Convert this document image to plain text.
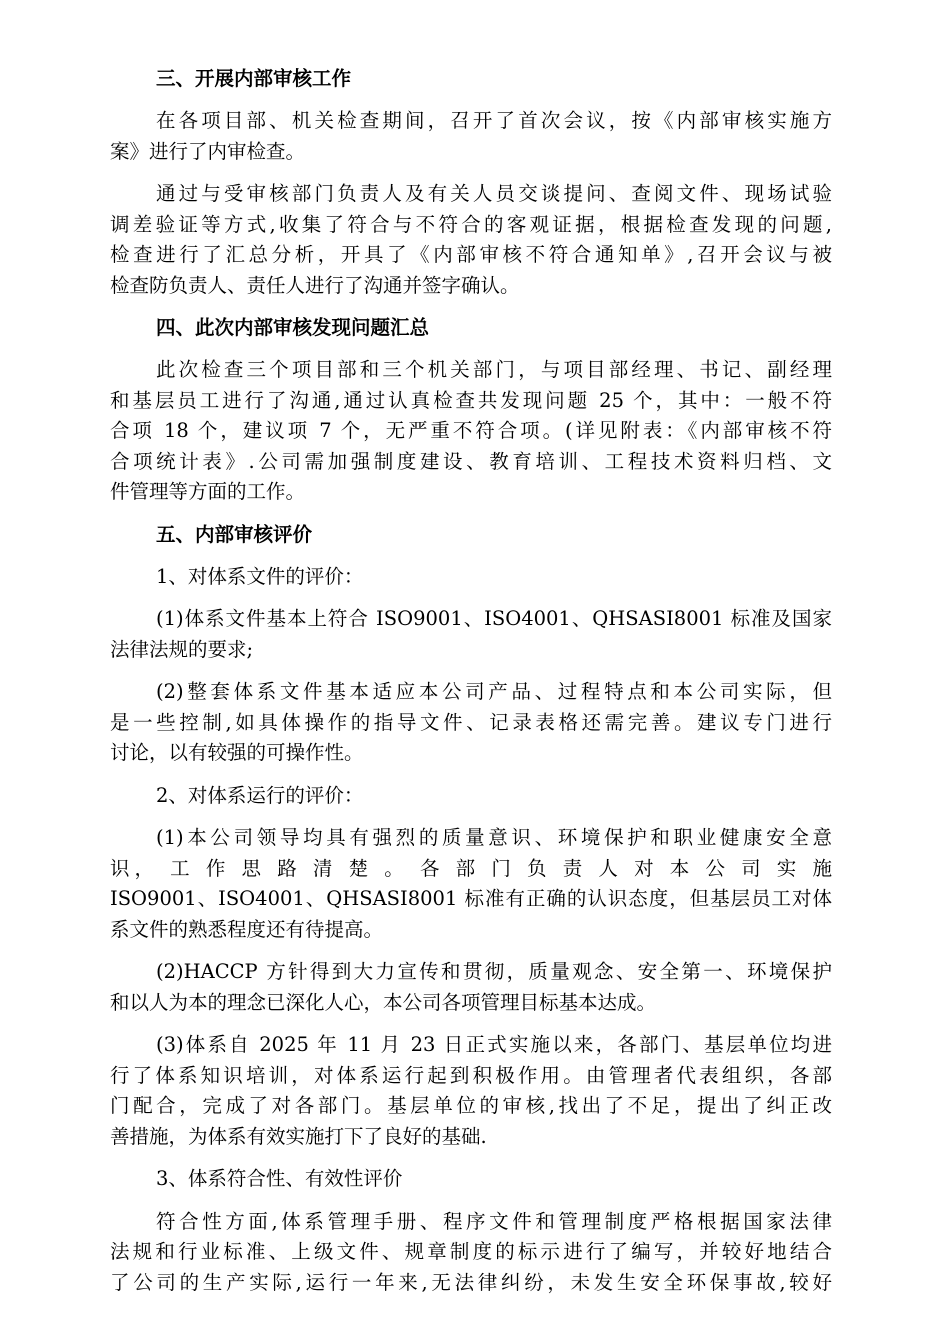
三、开展内部审核工作
在各项目部、机关检查期间，召开了首次会议，按《内部审核实施方
案》进行了内审检查。
通过与受审核部门负责人及有关人员交谈提问、查阅文件、现场试验
调差验证等方式,收集了符合与不符合的客观证据，根据检查发现的问题,
检查进行了汇总分析，开具了《内部审核不符合通知单》,召开会议与被
检查防负责人、责任人进行了沟通并签字确认。
四、此次内部审核发现问题汇总
此次检查三个项目部和三个机关部门，与项目部经理、书记、副经理
和基层员工进行了沟通,通过认真检查共发现问题 25 个，其中：一般不符
合项 18 个，建议项 7 个，无严重不符合项。(详见附表：《内部审核不符
合项统计表》.公司需加强制度建设、教育培训、工程技术资料归档、文
件管理等方面的工作。
五、内部审核评价
1、对体系文件的评价：
(1)体系文件基本上符合 ISO9001、ISO4001、QHSASI8001 标准及国家
法律法规的要求;
(2)整套体系文件基本适应本公司产品、过程特点和本公司实际，但
是一些控制,如具体操作的指导文件、记录表格还需完善。建议专门进行
讨论，以有较强的可操作性。
2、对体系运行的评价：
(1)本公司领导均具有强烈的质量意识、环境保护和职业健康安全意
识， 工 作 思 路 清 楚 。 各 部 门 负 责 人 对 本 公 司 实 施
ISO9001、ISO4001、QHSASI8001 标准有正确的认识态度，但基层员工对体
系文件的熟悉程度还有待提高。
(2)HACCP 方针得到大力宣传和贯彻，质量观念、安全第一、环境保护
和以人为本的理念已深化人心，本公司各项管理目标基本达成。
(3)体系自 2025 年 11 月 23 日正式实施以来，各部门、基层单位均进
行了体系知识培训，对体系运行起到积极作用。由管理者代表组织，各部
门配合，完成了对各部门。基层单位的审核,找出了不足，提出了纠正改
善措施，为体系有效实施打下了良好的基础.
3、体系符合性、有效性评价
符合性方面,体系管理手册、程序文件和管理制度严格根据国家法律
法规和行业标准、上级文件、规章制度的标示进行了编写，并较好地结合
了公司的生产实际,运行一年来,无法律纠纷，未发生安全环保事故,较好
